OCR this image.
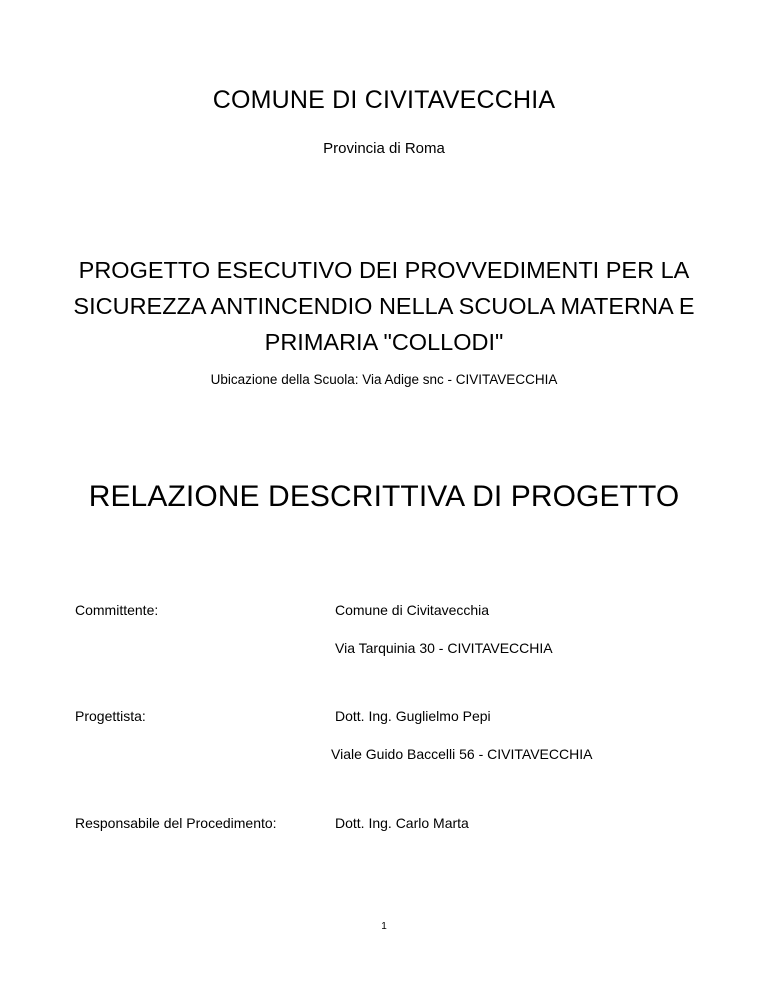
COMUNE DI CIVITAVECCHIA
Provincia di Roma
PROGETTO ESECUTIVO DEI PROVVEDIMENTI PER LA
SICUREZZA ANTINCENDIO NELLA SCUOLA MATERNA E
PRIMARIA "COLLODI"
Ubicazione della Scuola: Via Adige snc - CIVITAVECCHIA
RELAZIONE DESCRITTIVA DI PROGETTO
Committente:	Comune di Civitavecchia
Via Tarquinia 30 - CIVITAVECCHIA
Progettista:	Dott. Ing. Guglielmo Pepi
Viale Guido Baccelli 56 - CIVITAVECCHIA
Responsabile del Procedimento:	Dott. Ing. Carlo Marta
1
